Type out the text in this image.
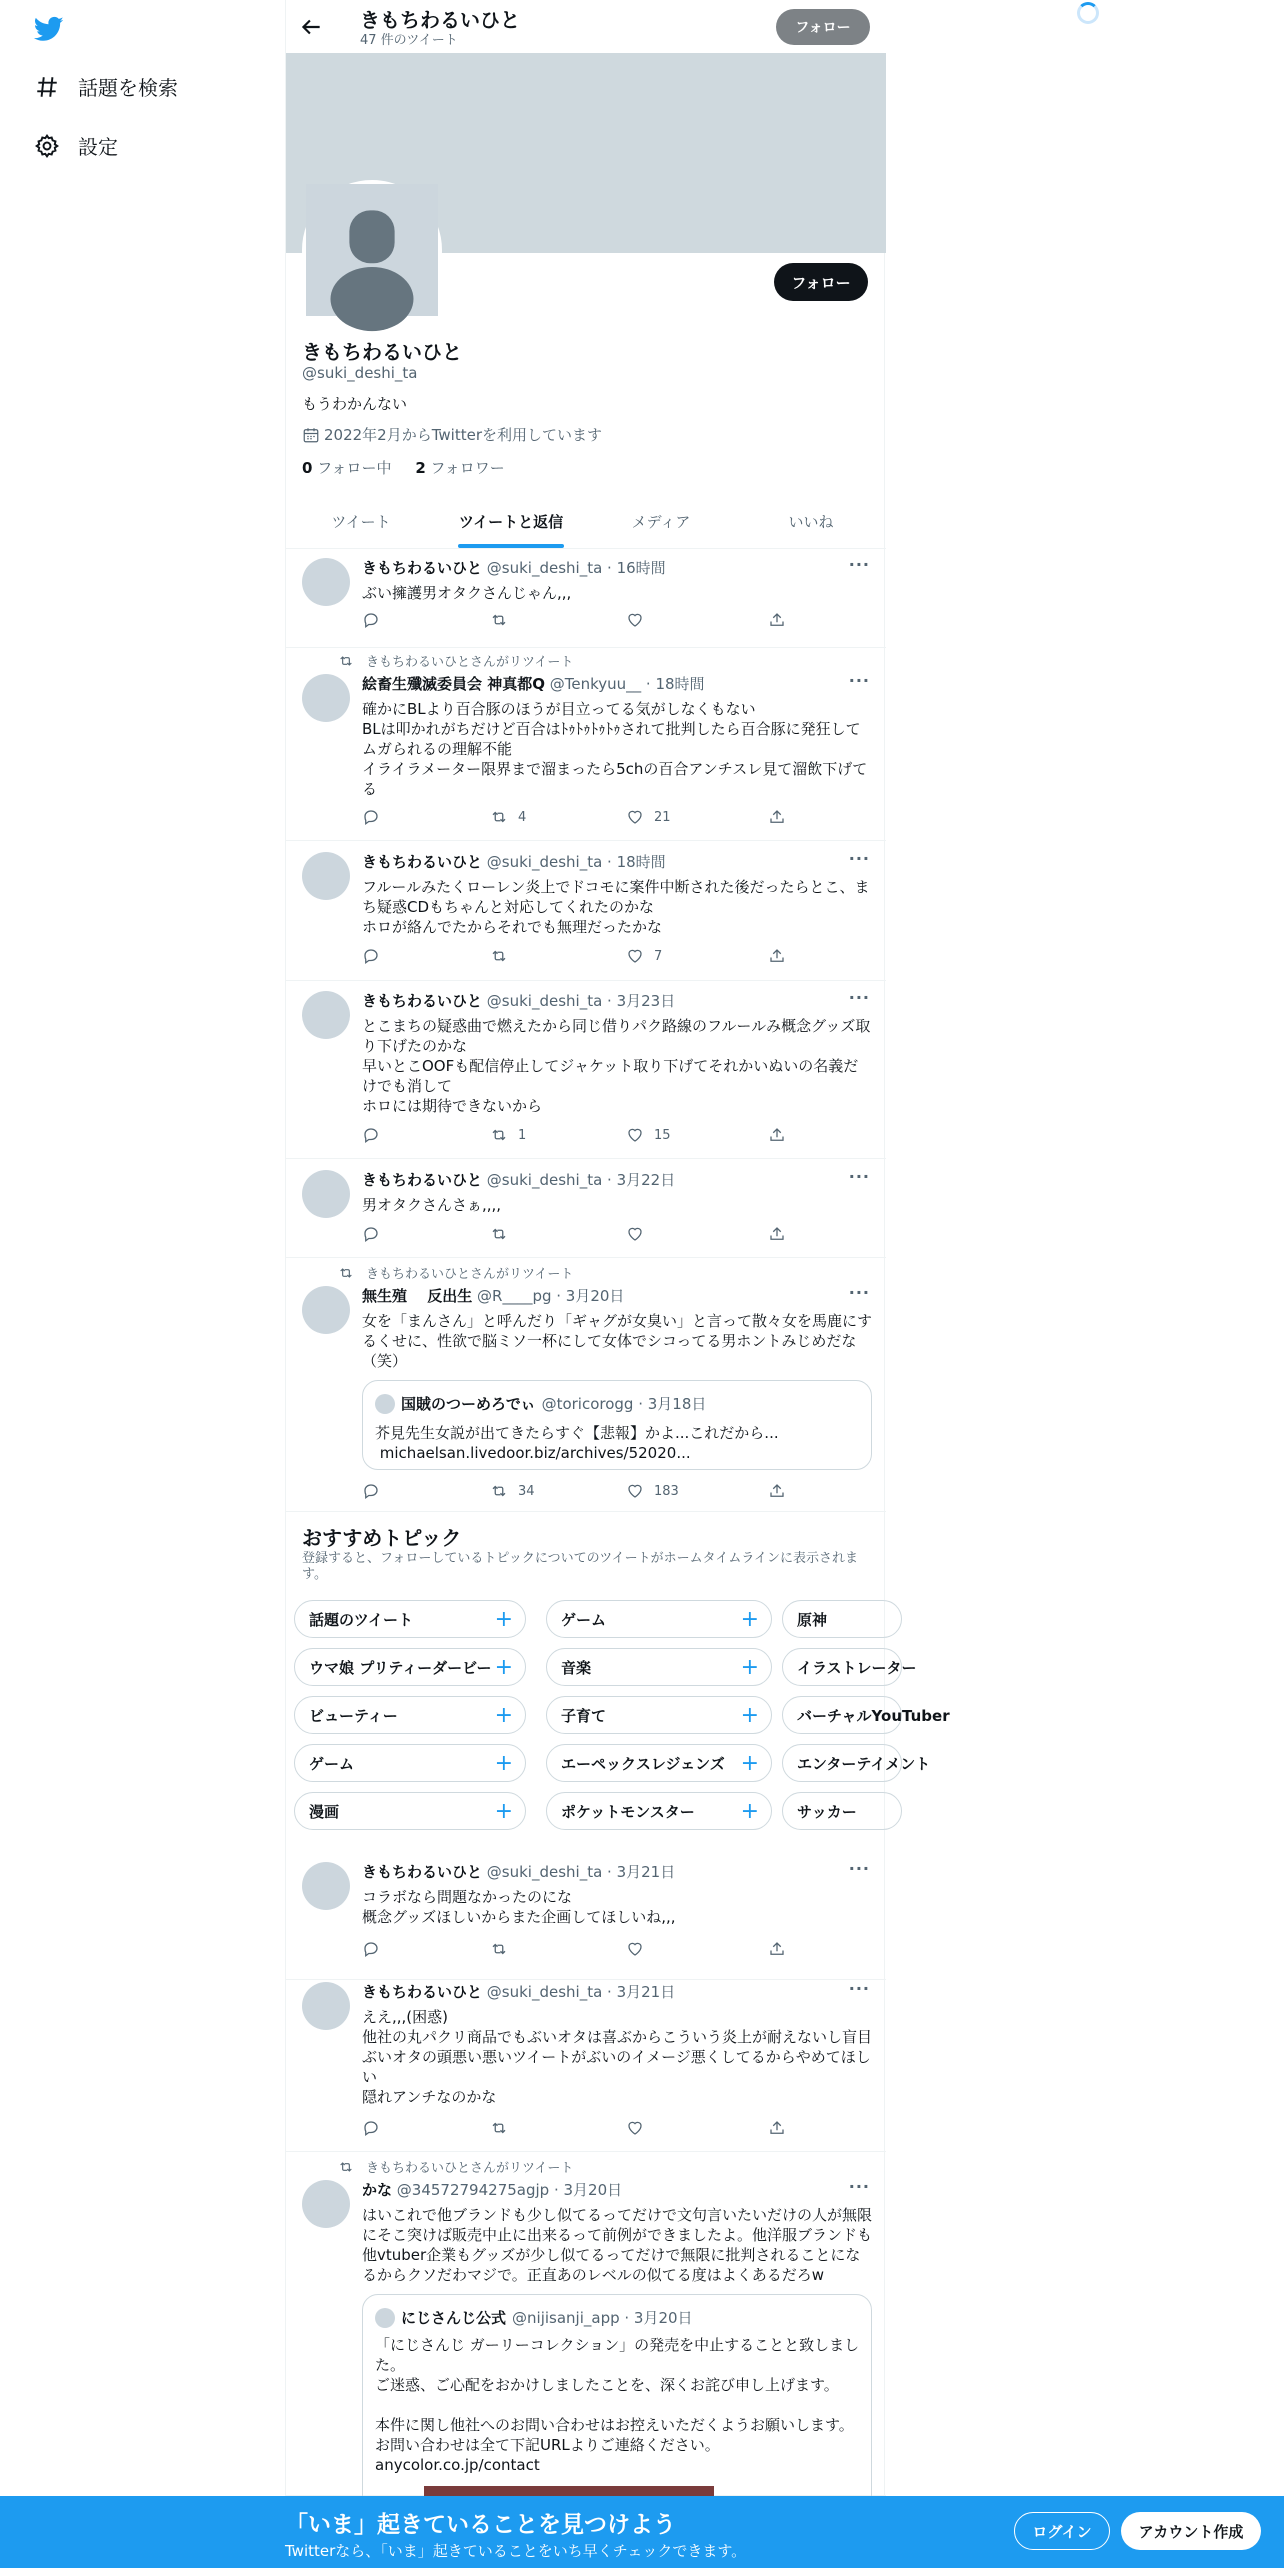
話題を検索
設定
きもちわるいひと
47 件のツイート
フォロー
フォロー
きもちわるいひと
@suki_deshi_ta
もうわかんない
2022年2月からTwitterを利用しています
0 フォロー中 2 フォロワー
ツイート	ツイートと返信	メディア	いいね
きもちわるいひと @suki_deshi_ta · 16時間	···
ぶい擁護男オタクさんじゃん,,,
きもちわるいひとさんがリツイート
絵畜生殲滅委員会 神真都Q @Tenkyuu__ · 18時間	···
確かにBLより百合豚のほうが目立ってる気がしなくもない
BLは叩かれがちだけど百合はﾄｩﾄｩﾄｩﾄｩされて批判したら百合豚に発狂してムガられるの理解不能
イライラメーター限界まで溜まったら5chの百合アンチスレ見て溜飲下げてる
4	21
きもちわるいひと @suki_deshi_ta · 18時間	···
フルールみたくローレン炎上でドコモに案件中断された後だったらとこ、まち疑惑CDもちゃんと対応してくれたのかな
ホロが絡んでたからそれでも無理だったかな
7
きもちわるいひと @suki_deshi_ta · 3月23日	···
とこまちの疑惑曲で燃えたから同じ借りパク路線のフルールみ概念グッズ取り下げたのかな
早いとこOOFも配信停止してジャケット取り下げてそれかいぬいの名義だけでも消して
ホロには期待できないから
1	15
きもちわるいひと @suki_deshi_ta · 3月22日	···
男オタクさんさぁ,,,,
きもちわるいひとさんがリツイート
無生殖　 反出生 @R____pg · 3月20日	···
女を「まんさん」と呼んだり「ギャグが女臭い」と言って散々女を馬鹿にするくせに、性欲で脳ミソ一杯にして女体でシコってる男ホントみじめだな（笑）
国賊のつーめろでぃ @toricorogg · 3月18日
芥見先生女説が出てきたらすぐ【悲報】かよ...これだから...
michaelsan.livedoor.biz/archives/52020...
34	183
きもちわるいひと @suki_deshi_ta · 3月21日	···
コラボなら問題なかったのにな
概念グッズほしいからまた企画してほしいね,,,
きもちわるいひと @suki_deshi_ta · 3月21日	···
ええ,,,(困惑)
他社の丸パクリ商品でもぶいオタは喜ぶからこういう炎上が耐えないし盲目ぶいオタの頭悪い悪いツイートがぶいのイメージ悪くしてるからやめてほしい
隠れアンチなのかな
きもちわるいひとさんがリツイート
かな @34572794275agjp · 3月20日	···
はいこれで他ブランドも少し似てるってだけで文句言いたいだけの人が無限にそこ突けば販売中止に出来るって前例ができましたよ。他洋服ブランドも他vtuber企業もグッズが少し似てるってだけで無限に批判されることになるからクソだわマジで。正直あのレベルの似てる度はよくあるだろw
にじさんじ公式 @nijisanji_app · 3月20日
「にじさんじ ガーリーコレクション」の発売を中止することと致しました。
ご迷惑、ご心配をおかけしましたことを、深くお詫び申し上げます。

本件に関し他社へのお問い合わせはお控えいただくようお願いします。
お問い合わせは全て下記URLよりご連絡ください。
anycolor.co.jp/contact
おすすめトピック
登録すると、フォローしているトピックについてのツイートがホームタイムラインに表示されます。
話題のツイート	+	ゲーム	+	原神
ウマ娘 プリティーダービー +	音楽	+	イラストレーター
ビューティー	+	子育て	+	バーチャルYouTuber
ゲーム	+	エーペックスレジェンズ +	エンターテイメント
漫画	+	ポケットモンスター +	サッカー
「いま」起きていることを見つけよう
Twitterなら、「いま」起きていることをいち早くチェックできます。
ログイン	アカウント作成
